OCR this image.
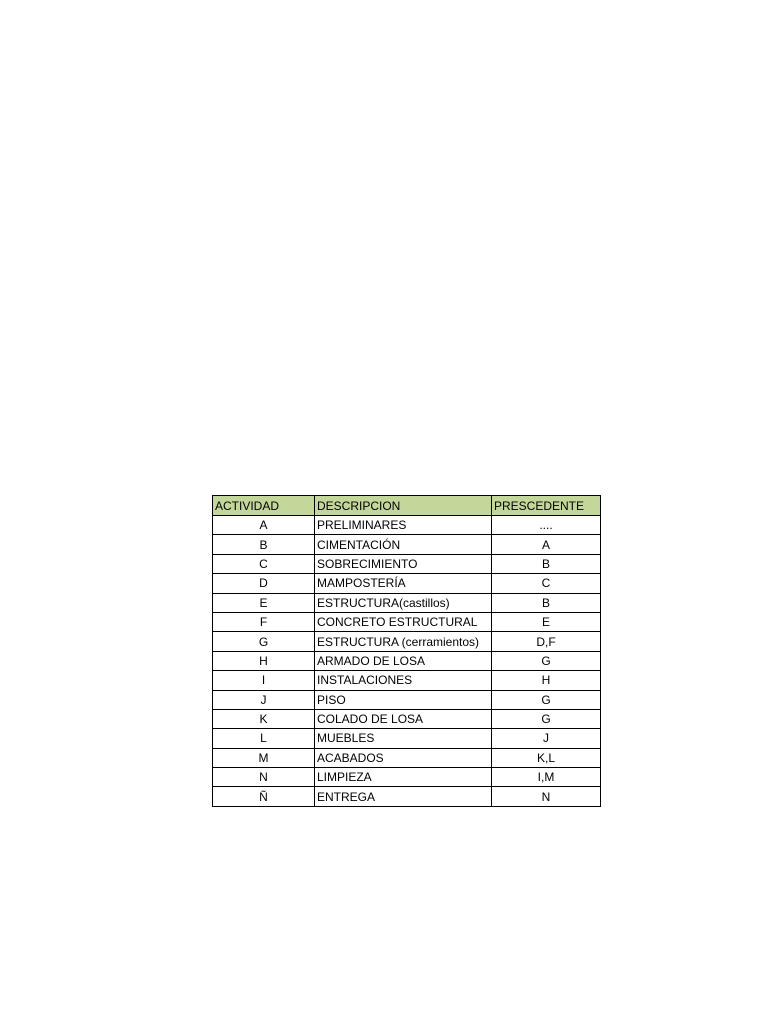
ACTIVIDAD	DESCRIPCION	PRESCEDENTE
A	PRELIMINARES	....
B	CIMENTACIÓN	A
C	SOBRECIMIENTO	B
D	MAMPOSTERÍA	C
E	ESTRUCTURA(castillos)	B
F	CONCRETO ESTRUCTURAL	E
G	ESTRUCTURA (cerramientos)	D,F
H	ARMADO DE LOSA	G
I	INSTALACIONES	H
J	PISO	G
K	COLADO DE LOSA	G
L	MUEBLES	J
M	ACABADOS	K,L
N	LIMPIEZA	I,M
Ñ	ENTREGA	N
